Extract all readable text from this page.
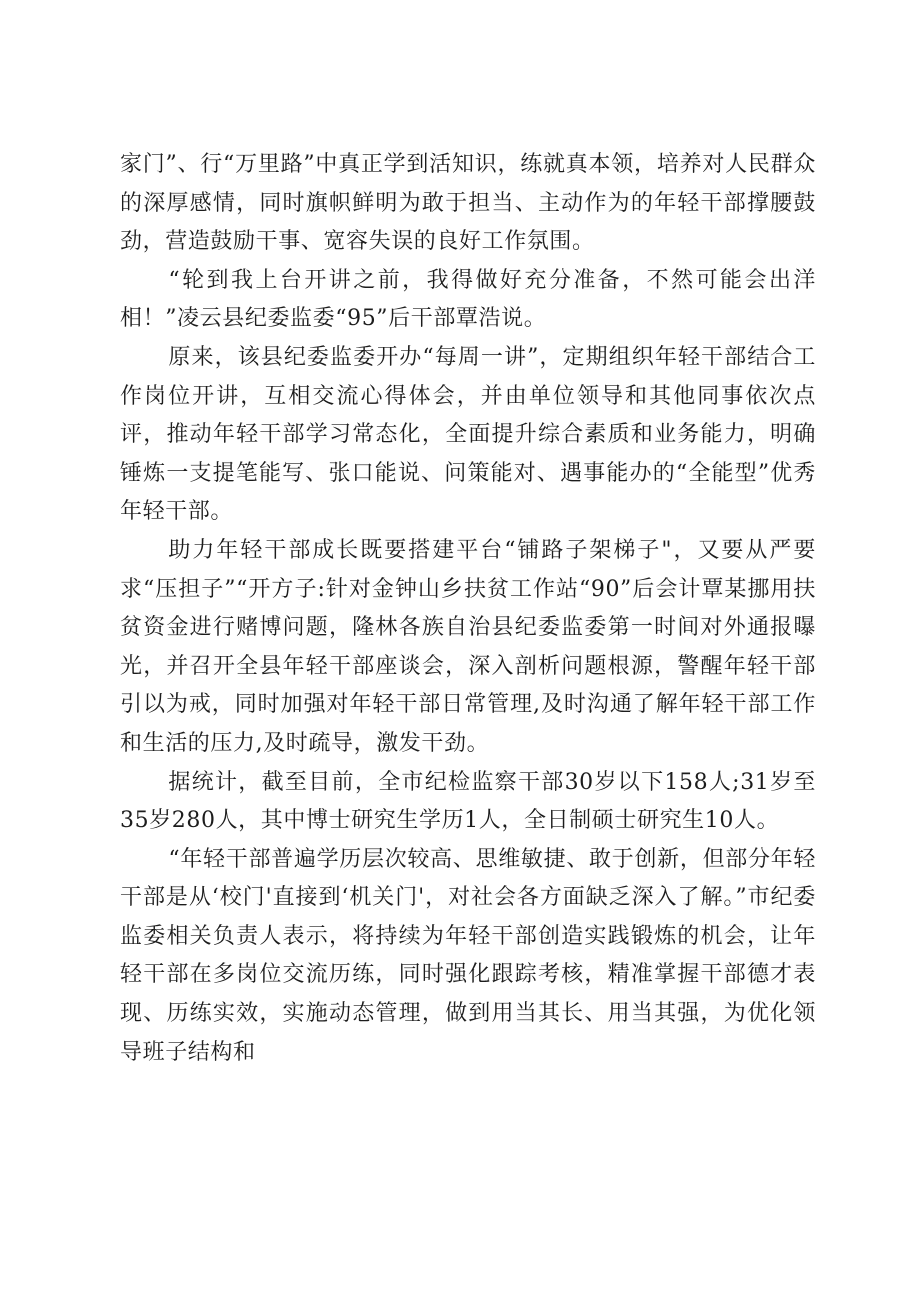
家门”、行“万里路”中真正学到活知识，练就真本领，培养对人民群众的深厚感情，同时旗帜鲜明为敢于担当、主动作为的年轻干部撑腰鼓劲，营造鼓励干事、宽容失误的良好工作氛围。

“轮到我上台开讲之前，我得做好充分准备，不然可能会出洋相！”凌云县纪委监委“95”后干部覃浩说。

原来，该县纪委监委开办“每周一讲”，定期组织年轻干部结合工作岗位开讲，互相交流心得体会，并由单位领导和其他同事依次点评，推动年轻干部学习常态化，全面提升综合素质和业务能力，明确锤炼一支提笔能写、张口能说、问策能对、遇事能办的“全能型”优秀年轻干部。

助力年轻干部成长既要搭建平台“铺路子架梯子"，又要从严要求“压担子”“开方子:针对金钟山乡扶贫工作站“90”后会计覃某挪用扶贫资金进行赌博问题，隆林各族自治县纪委监委第一时间对外通报曝光，并召开全县年轻干部座谈会，深入剖析问题根源，警醒年轻干部引以为戒，同时加强对年轻干部日常管理,及时沟通了解年轻干部工作和生活的压力,及时疏导，激发干劲。

据统计，截至目前，全市纪检监察干部30岁以下158人;31岁至35岁280人，其中博士研究生学历1人，全日制硕士研究生10人。

“年轻干部普遍学历层次较高、思维敏捷、敢于创新，但部分年轻干部是从‘校门'直接到‘机关门'，对社会各方面缺乏深入了解。”市纪委监委相关负责人表示，将持续为年轻干部创造实践锻炼的机会，让年轻干部在多岗位交流历练，同时强化跟踪考核，精准掌握干部德才表现、历练实效，实施动态管理，做到用当其长、用当其强，为优化领导班子结构和
